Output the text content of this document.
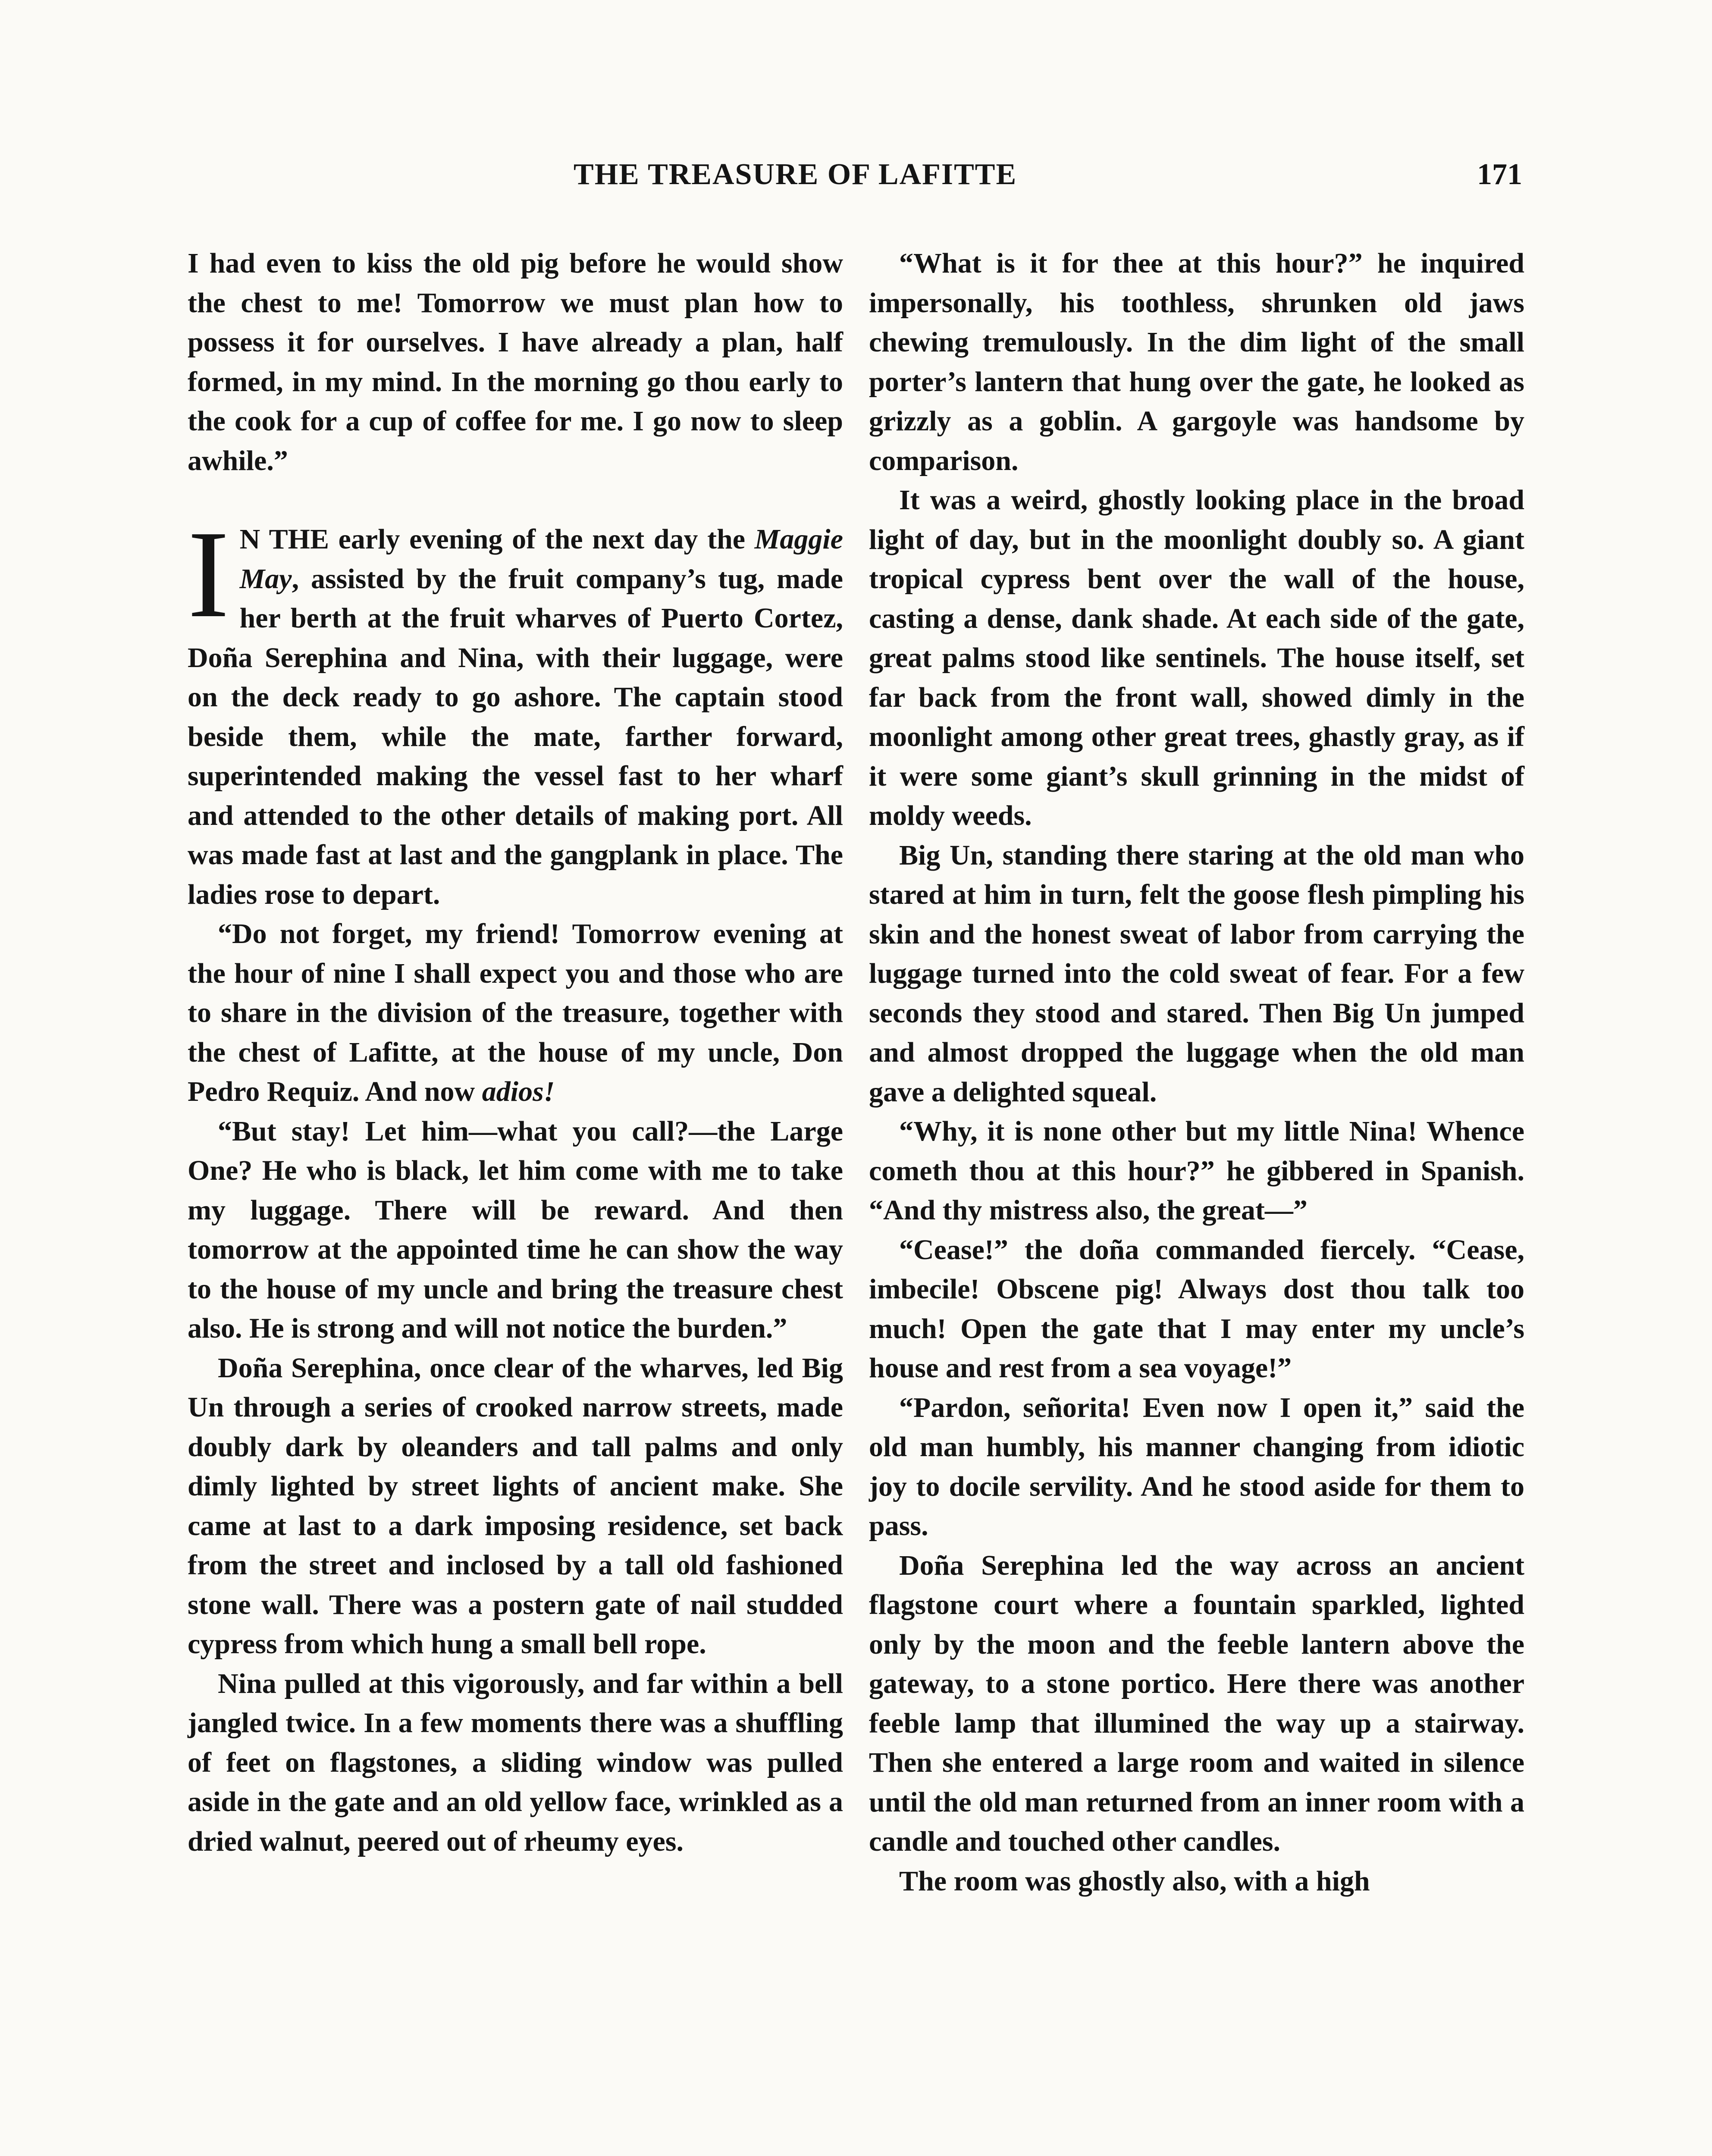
THE TREASURE OF LAFITTE	171

I had even to kiss the old pig before he would show the chest to me! Tomorrow we must plan how to possess it for ourselves. I have already a plan, half formed, in my mind. In the morning go thou early to the cook for a cup of coffee for me. I go now to sleep awhile.”

I N THE early evening of the next day the Maggie May, assisted by the fruit company’s tug, made her berth at the fruit wharves of Puerto Cortez, Doña Serephina and Nina, with their luggage, were on the deck ready to go ashore. The captain stood beside them, while the mate, farther forward, superintended making the vessel fast to her wharf and attended to the other details of making port. All was made fast at last and the gangplank in place. The ladies rose to depart.

“Do not forget, my friend! Tomorrow evening at the hour of nine I shall expect you and those who are to share in the division of the treasure, together with the chest of Lafitte, at the house of my uncle, Don Pedro Requiz. And now adios!

“But stay! Let him—what you call?—the Large One? He who is black, let him come with me to take my luggage. There will be reward. And then tomorrow at the appointed time he can show the way to the house of my uncle and bring the treasure chest also. He is strong and will not notice the burden.”

Doña Serephina, once clear of the wharves, led Big Un through a series of crooked narrow streets, made doubly dark by oleanders and tall palms and only dimly lighted by street lights of ancient make. She came at last to a dark imposing residence, set back from the street and inclosed by a tall old fashioned stone wall. There was a postern gate of nail studded cypress from which hung a small bell rope.

Nina pulled at this vigorously, and far within a bell jangled twice. In a few moments there was a shuffling of feet on flagstones, a sliding window was pulled aside in the gate and an old yellow face, wrinkled as a dried walnut, peered out of rheumy eyes.

“What is it for thee at this hour?” he inquired impersonally, his toothless, shrunken old jaws chewing tremulously. In the dim light of the small porter’s lantern that hung over the gate, he looked as grizzly as a goblin. A gargoyle was handsome by comparison.

It was a weird, ghostly looking place in the broad light of day, but in the moonlight doubly so. A giant tropical cypress bent over the wall of the house, casting a dense, dank shade. At each side of the gate, great palms stood like sentinels. The house itself, set far back from the front wall, showed dimly in the moonlight among other great trees, ghastly gray, as if it were some giant’s skull grinning in the midst of moldy weeds.

Big Un, standing there staring at the old man who stared at him in turn, felt the goose flesh pimpling his skin and the honest sweat of labor from carrying the luggage turned into the cold sweat of fear. For a few seconds they stood and stared. Then Big Un jumped and almost dropped the luggage when the old man gave a delighted squeal.

“Why, it is none other but my little Nina! Whence cometh thou at this hour?” he gibbered in Spanish. “And thy mistress also, the great—”

“Cease!” the doña commanded fiercely. “Cease, imbecile! Obscene pig! Always dost thou talk too much! Open the gate that I may enter my uncle’s house and rest from a sea voyage!”

“Pardon, señorita! Even now I open it,” said the old man humbly, his manner changing from idiotic joy to docile servility. And he stood aside for them to pass.

Doña Serephina led the way across an ancient flagstone court where a fountain sparkled, lighted only by the moon and the feeble lantern above the gateway, to a stone portico. Here there was another feeble lamp that illumined the way up a stairway. Then she entered a large room and waited in silence until the old man returned from an inner room with a candle and touched other candles.

The room was ghostly also, with a high
